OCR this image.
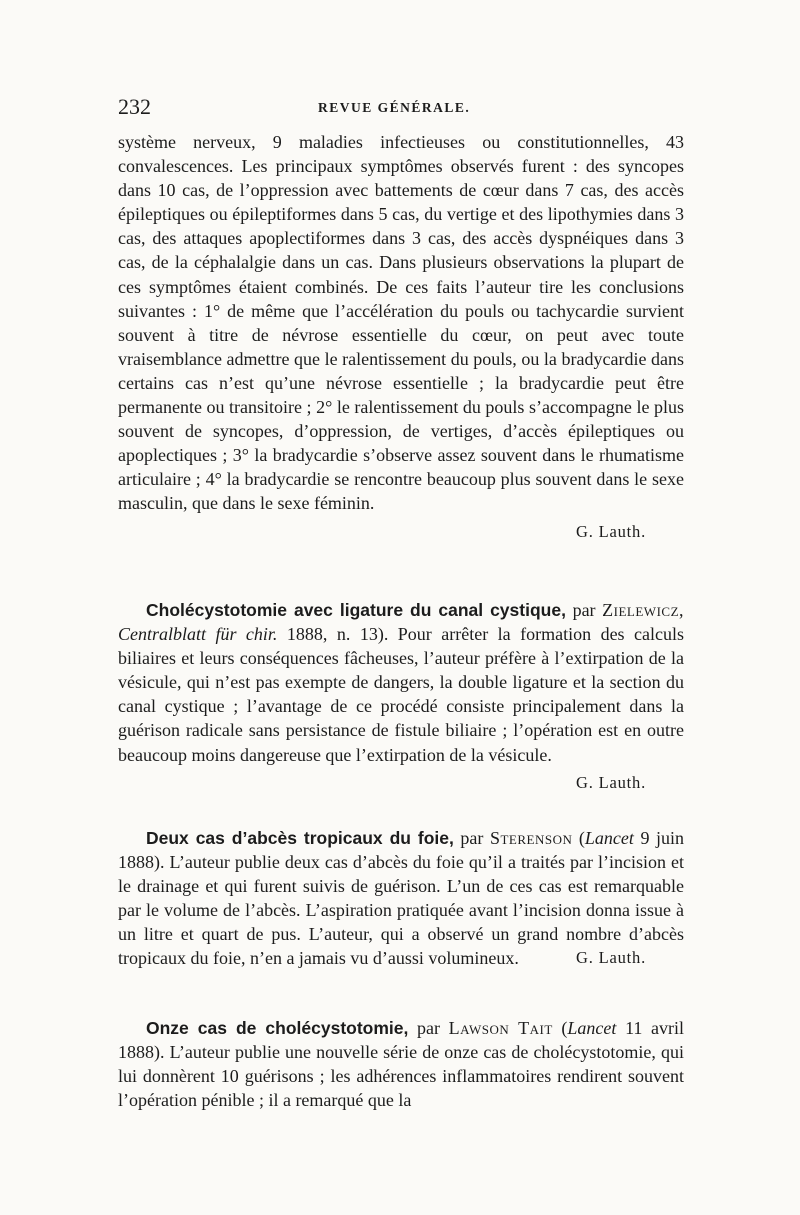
232	REVUE GÉNÉRALE.

système nerveux, 9 maladies infectieuses ou constitutionnelles, 43 convalescences. Les principaux symptômes observés furent : des syncopes dans 10 cas, de l’oppression avec battements de cœur dans 7 cas, des accès épileptiques ou épileptiformes dans 5 cas, du vertige et des lipothymies dans 3 cas, des attaques apoplectiformes dans 3 cas, des accès dyspnéiques dans 3 cas, de la céphalalgie dans un cas. Dans plusieurs observations la plupart de ces symptômes étaient combinés. De ces faits l’auteur tire les conclusions suivantes : 1° de même que l’accélération du pouls ou tachycardie survient souvent à titre de névrose essentielle du cœur, on peut avec toute vraisemblance admettre que le ralentissement du pouls, ou la bradycardie dans certains cas n’est qu’une névrose essentielle ; la bradycardie peut être permanente ou transitoire ; 2° le ralentissement du pouls s’accompagne le plus souvent de syncopes, d’oppression, de vertiges, d’accès épileptiques ou apoplectiques ; 3° la bradycardie s’observe assez souvent dans le rhumatisme articulaire ; 4° la bradycardie se rencontre beaucoup plus souvent dans le sexe masculin, que dans le sexe féminin.

G. Lauth.

Cholécystotomie avec ligature du canal cystique, par Zielewicz, Centralblatt für chir. 1888, n. 13). Pour arrêter la formation des calculs biliaires et leurs conséquences fâcheuses, l’auteur préfère à l’extirpation de la vésicule, qui n’est pas exempte de dangers, la double ligature et la section du canal cystique ; l’avantage de ce procédé consiste principalement dans la guérison radicale sans persistance de fistule biliaire ; l’opération est en outre beaucoup moins dangereuse que l’extirpation de la vésicule.

G. Lauth.

Deux cas d’abcès tropicaux du foie, par Sterenson (Lancet 9 juin 1888). L’auteur publie deux cas d’abcès du foie qu’il a traités par l’incision et le drainage et qui furent suivis de guérison. L’un de ces cas est remarquable par le volume de l’abcès. L’aspiration pratiquée avant l’incision donna issue à un litre et quart de pus. L’auteur, qui a observé un grand nombre d’abcès tropicaux du foie, n’en a jamais vu d’aussi volumineux.	G. Lauth.

Onze cas de cholécystotomie, par Lawson Tait (Lancet 11 avril 1888). L’auteur publie une nouvelle série de onze cas de cholécystotomie, qui lui donnèrent 10 guérisons ; les adhérences inflammatoires rendirent souvent l’opération pénible ; il a remarqué que la
